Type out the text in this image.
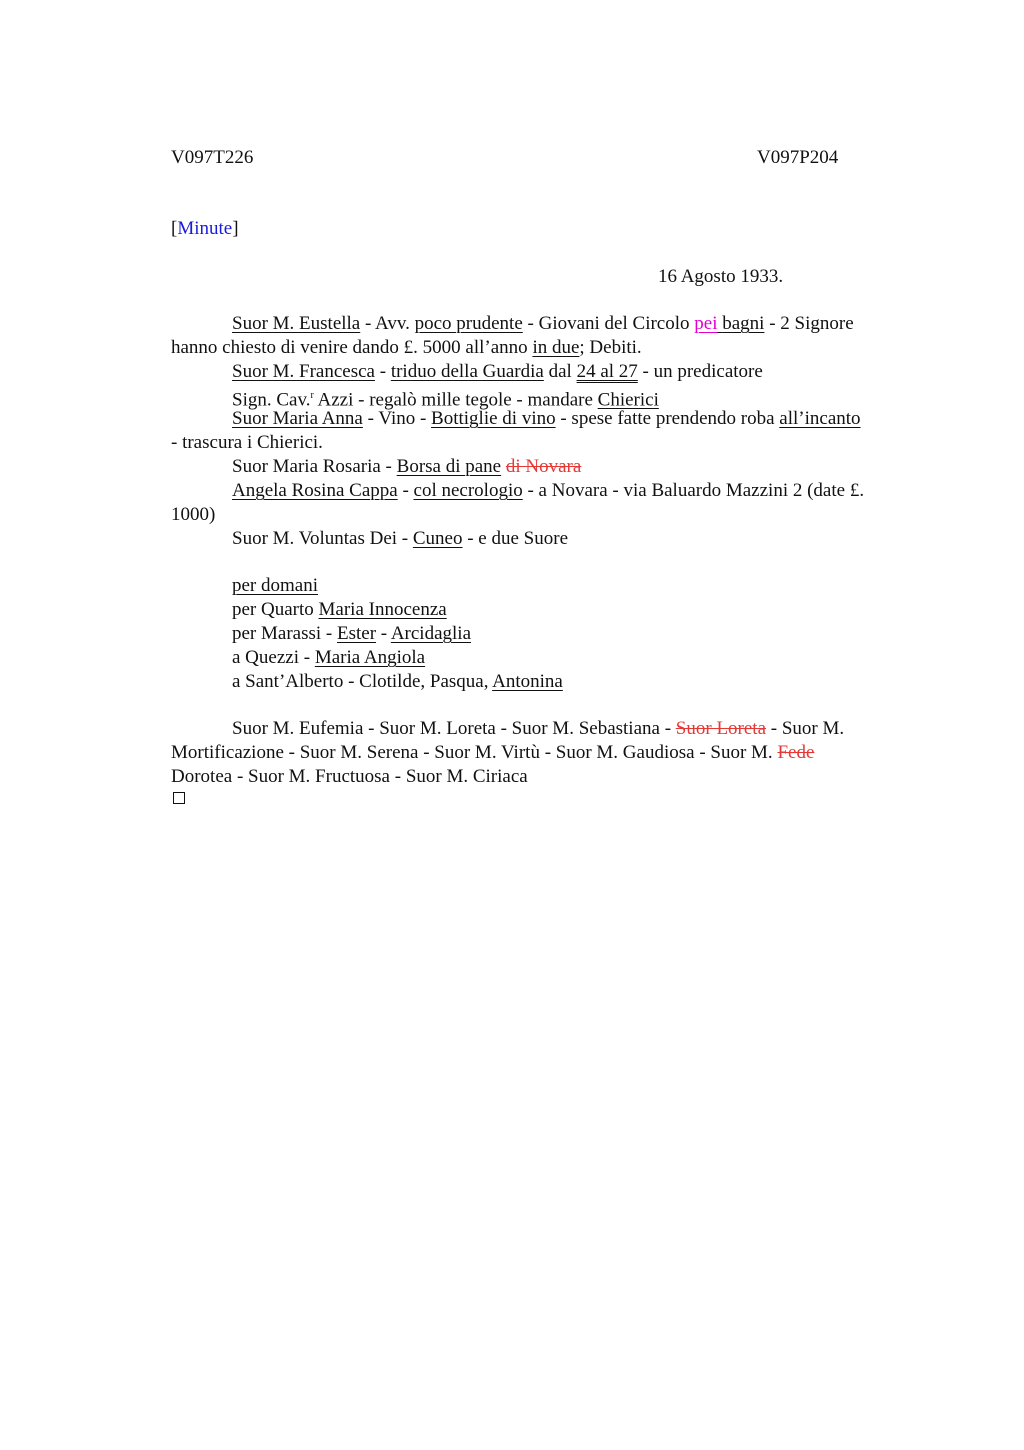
V097T226	V097P204
[Minute]
16 Agosto 1933.
Suor M. Eustella - Avv. poco prudente - Giovani del Circolo pei bagni - 2 Signore
hanno chiesto di venire dando £. 5000 all’anno in due; Debiti.
Suor M. Francesca - triduo della Guardia dal 24 al 27 - un predicatore
Sign. Cav.$^r$ Azzi - regalò mille tegole - mandare Chierici
Suor Maria Anna - Vino - Bottiglie di vino - spese fatte prendendo roba all’incanto
- trascura i Chierici.
Suor Maria Rosaria - Borsa di pane di Novara
Angela Rosina Cappa - col necrologio - a Novara - via Baluardo Mazzini 2 (date £.
1000)
Suor M. Voluntas Dei - Cuneo - e due Suore
per domani
per Quarto Maria Innocenza
per Marassi - Ester - Arcidaglia
a Quezzi - Maria Angiola
a Sant’Alberto - Clotilde, Pasqua, Antonina
Suor M. Eufemia - Suor M. Loreta - Suor M. Sebastiana - Suor Loreta - Suor M.
Mortificazione - Suor M. Serena - Suor M. Virtù - Suor M. Gaudiosa - Suor M. Fede
Dorotea - Suor M. Fructuosa - Suor M. Ciriaca
